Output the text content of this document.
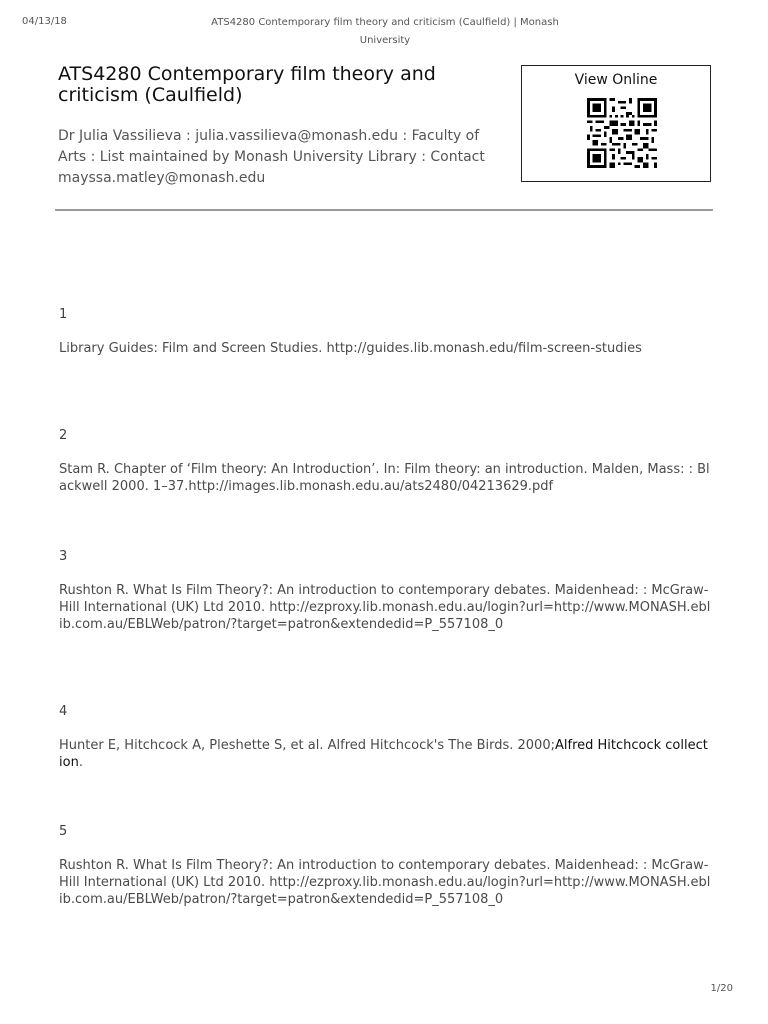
04/13/18	ATS4280 Contemporary film theory and criticism (Caulfield) | Monash University
ATS4280 Contemporary film theory and criticism (Caulfield)
Dr Julia Vassilieva : julia.vassilieva@monash.edu : Faculty of Arts : List maintained by Monash University Library : Contact mayssa.matley@monash.edu
View Online
1
Library Guides: Film and Screen Studies. http://guides.lib.monash.edu/film-screen-studies
2
Stam R. Chapter of ‘Film theory: An Introduction’. In: Film theory: an introduction. Malden, Mass: : Blackwell 2000. 1–37.http://images.lib.monash.edu.au/ats2480/04213629.pdf
3
Rushton R. What Is Film Theory?: An introduction to contemporary debates. Maidenhead: : McGraw-Hill International (UK) Ltd 2010. http://ezproxy.lib.monash.edu.au/login?url=http://www.MONASH.eblib.com.au/EBLWeb/patron/?target=patron&extendedid=P_557108_0
4
Hunter E, Hitchcock A, Pleshette S, et al. Alfred Hitchcock's The Birds. 2000;Alfred Hitchcock collection.
5
Rushton R. What Is Film Theory?: An introduction to contemporary debates. Maidenhead: : McGraw-Hill International (UK) Ltd 2010. http://ezproxy.lib.monash.edu.au/login?url=http://www.MONASH.eblib.com.au/EBLWeb/patron/?target=patron&extendedid=P_557108_0
1/20
